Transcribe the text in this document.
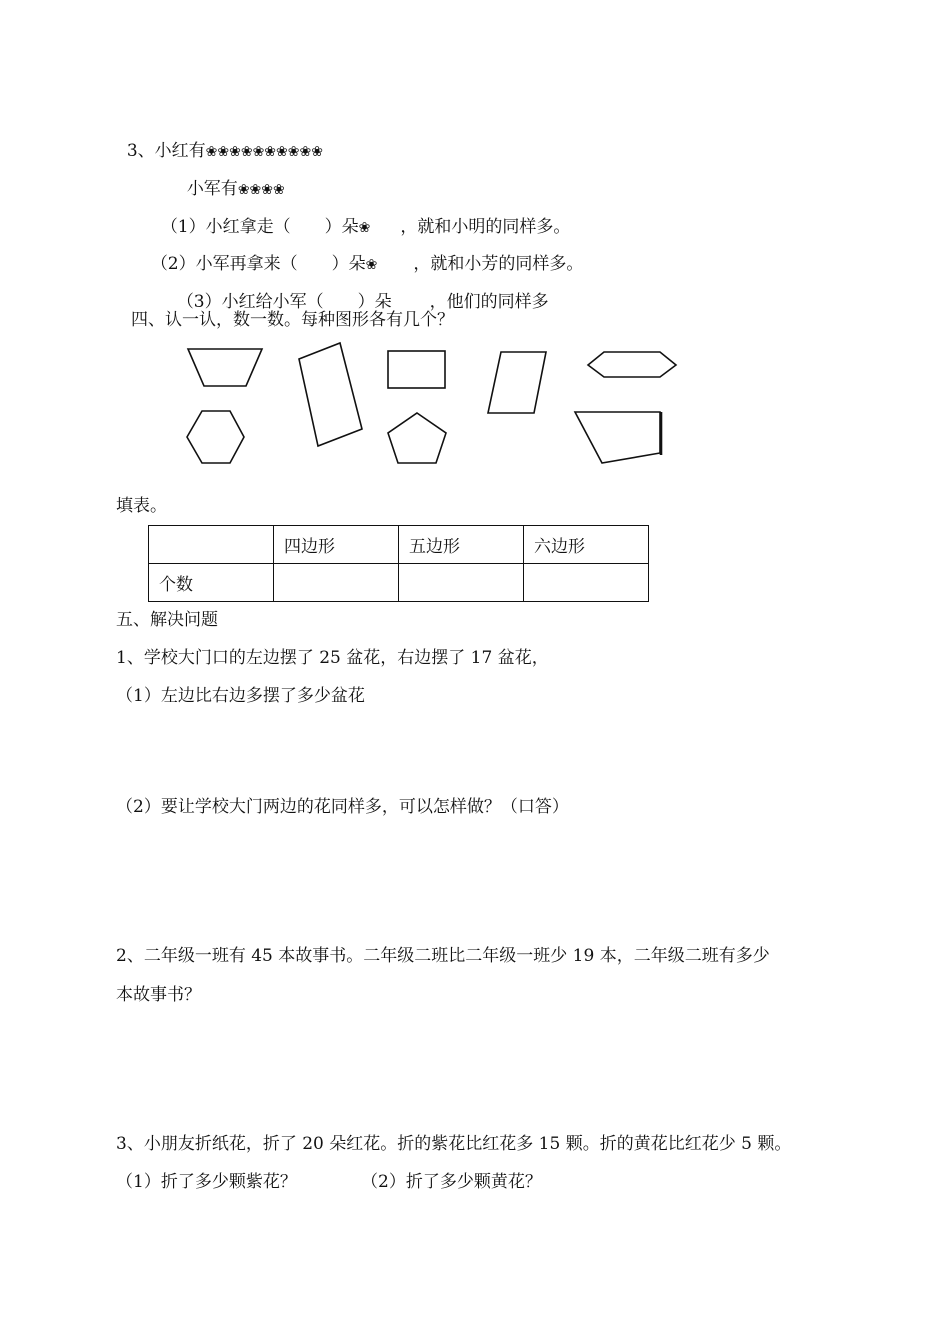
3、小红有❀❀❀❀❀❀❀❀❀❀

小军有❀❀❀❀

（1）小红拿走（　　）朵❀ ，就和小明的同样多。

（2）小军再拿来（　　）朵❀ ，就和小芳的同样多。

（3）小红给小军（　　）朵 ，他们的同样多

四、认一认，数一数。每种图形各有几个？
填表。
	四边形	五边形	六边形
个数			
五、解决问题
1、学校大门口的左边摆了 25 盆花，右边摆了 17 盆花，
（1）左边比右边多摆了多少盆花
（2）要让学校大门两边的花同样多，可以怎样做？（口答）
2、二年级一班有 45 本故事书。二年级二班比二年级一班少 19 本，二年级二班有多少
本故事书？
3、小朋友折纸花，折了 20 朵红花。折的紫花比红花多 15 颗。折的黄花比红花少 5 颗。
（1）折了多少颗紫花？	（2）折了多少颗黄花？
